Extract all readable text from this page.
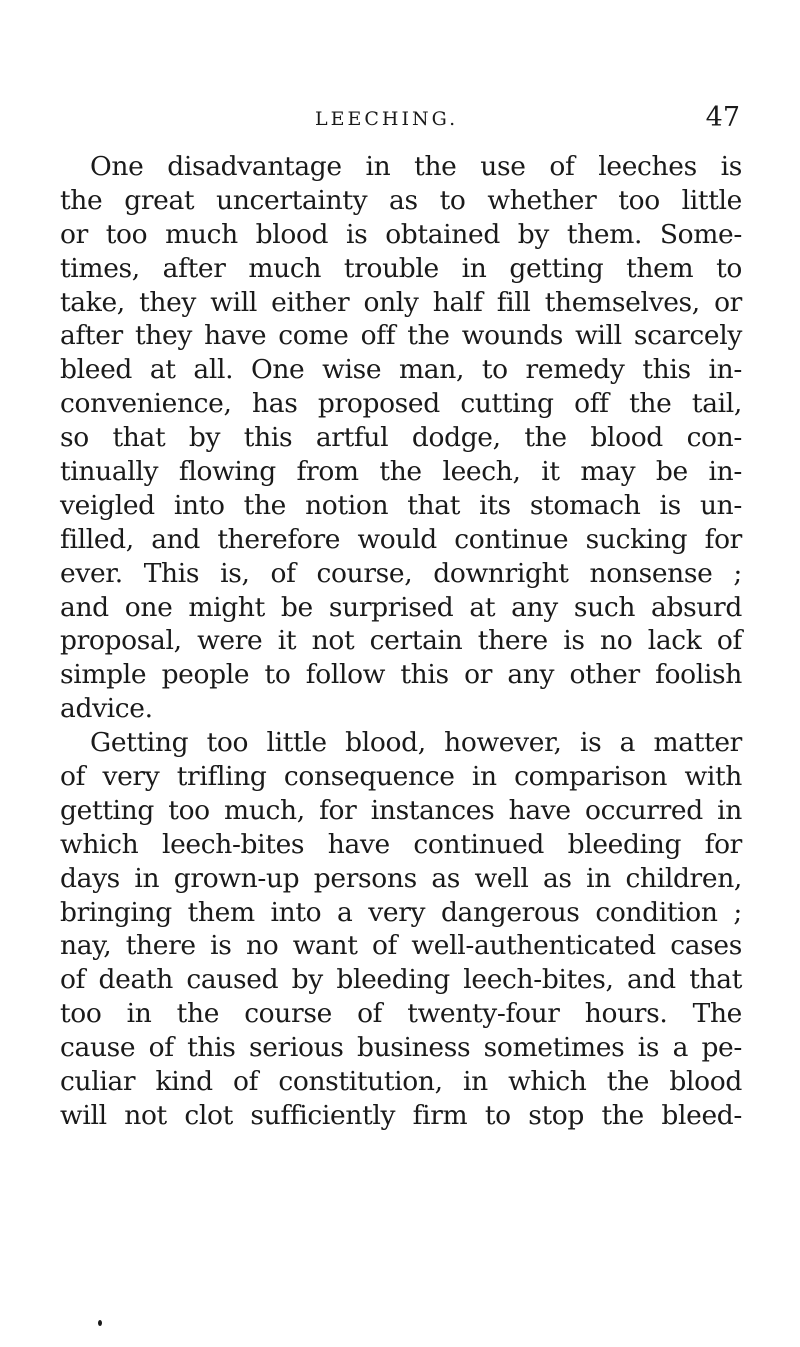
LEECHING.	47
One disadvantage in the use of leeches is
the great uncertainty as to whether too little
or too much blood is obtained by them. Some-
times, after much trouble in getting them to
take, they will either only half fill themselves, or
after they have come off the wounds will scarcely
bleed at all. One wise man, to remedy this in-
convenience, has proposed cutting off the tail,
so that by this artful dodge, the blood con-
tinually flowing from the leech, it may be in-
veigled into the notion that its stomach is un-
filled, and therefore would continue sucking for
ever. This is, of course, downright nonsense ;
and one might be surprised at any such absurd
proposal, were it not certain there is no lack of
simple people to follow this or any other foolish
advice.
Getting too little blood, however, is a matter
of very trifling consequence in comparison with
getting too much, for instances have occurred in
which leech-bites have continued bleeding for
days in grown-up persons as well as in children,
bringing them into a very dangerous condition ;
nay, there is no want of well-authenticated cases
of death caused by bleeding leech-bites, and that
too in the course of twenty-four hours. The
cause of this serious business sometimes is a pe-
culiar kind of constitution, in which the blood
will not clot sufficiently firm to stop the bleed-
